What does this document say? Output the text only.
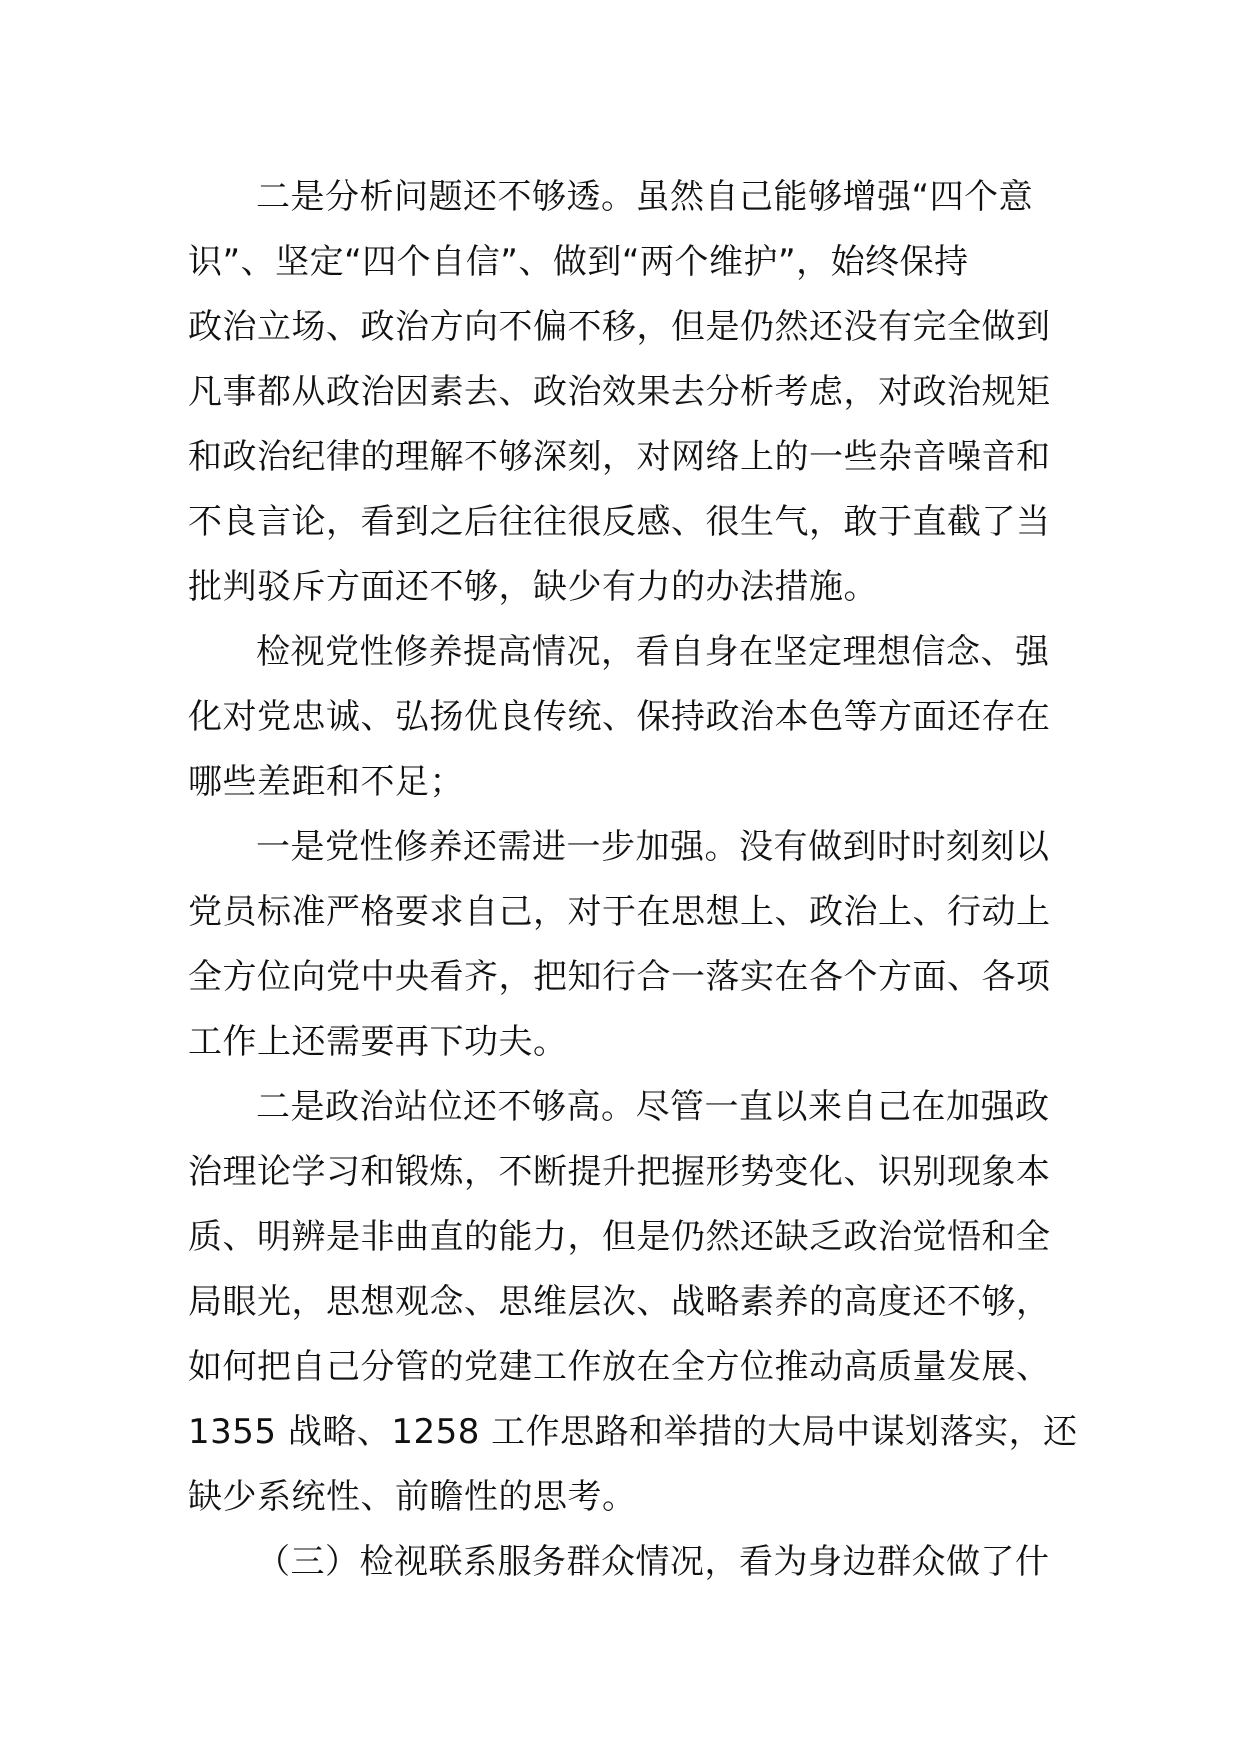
二是分析问题还不够透。虽然自己能够增强“四个意
识”、坚定“四个自信”、做到“两个维护”，始终保持
政治立场、政治方向不偏不移，但是仍然还没有完全做到
凡事都从政治因素去、政治效果去分析考虑，对政治规矩
和政治纪律的理解不够深刻，对网络上的一些杂音噪音和
不良言论，看到之后往往很反感、很生气，敢于直截了当
批判驳斥方面还不够，缺少有力的办法措施。

检视党性修养提高情况，看自身在坚定理想信念、强
化对党忠诚、弘扬优良传统、保持政治本色等方面还存在
哪些差距和不足；

一是党性修养还需进一步加强。没有做到时时刻刻以
党员标准严格要求自己，对于在思想上、政治上、行动上
全方位向党中央看齐，把知行合一落实在各个方面、各项
工作上还需要再下功夫。

二是政治站位还不够高。尽管一直以来自己在加强政
治理论学习和锻炼，不断提升把握形势变化、识别现象本
质、明辨是非曲直的能力，但是仍然还缺乏政治觉悟和全
局眼光，思想观念、思维层次、战略素养的高度还不够，
如何把自己分管的党建工作放在全方位推动高质量发展、
1355 战略、1258 工作思路和举措的大局中谋划落实，还
缺少系统性、前瞻性的思考。

（三）检视联系服务群众情况，看为身边群众做了什
